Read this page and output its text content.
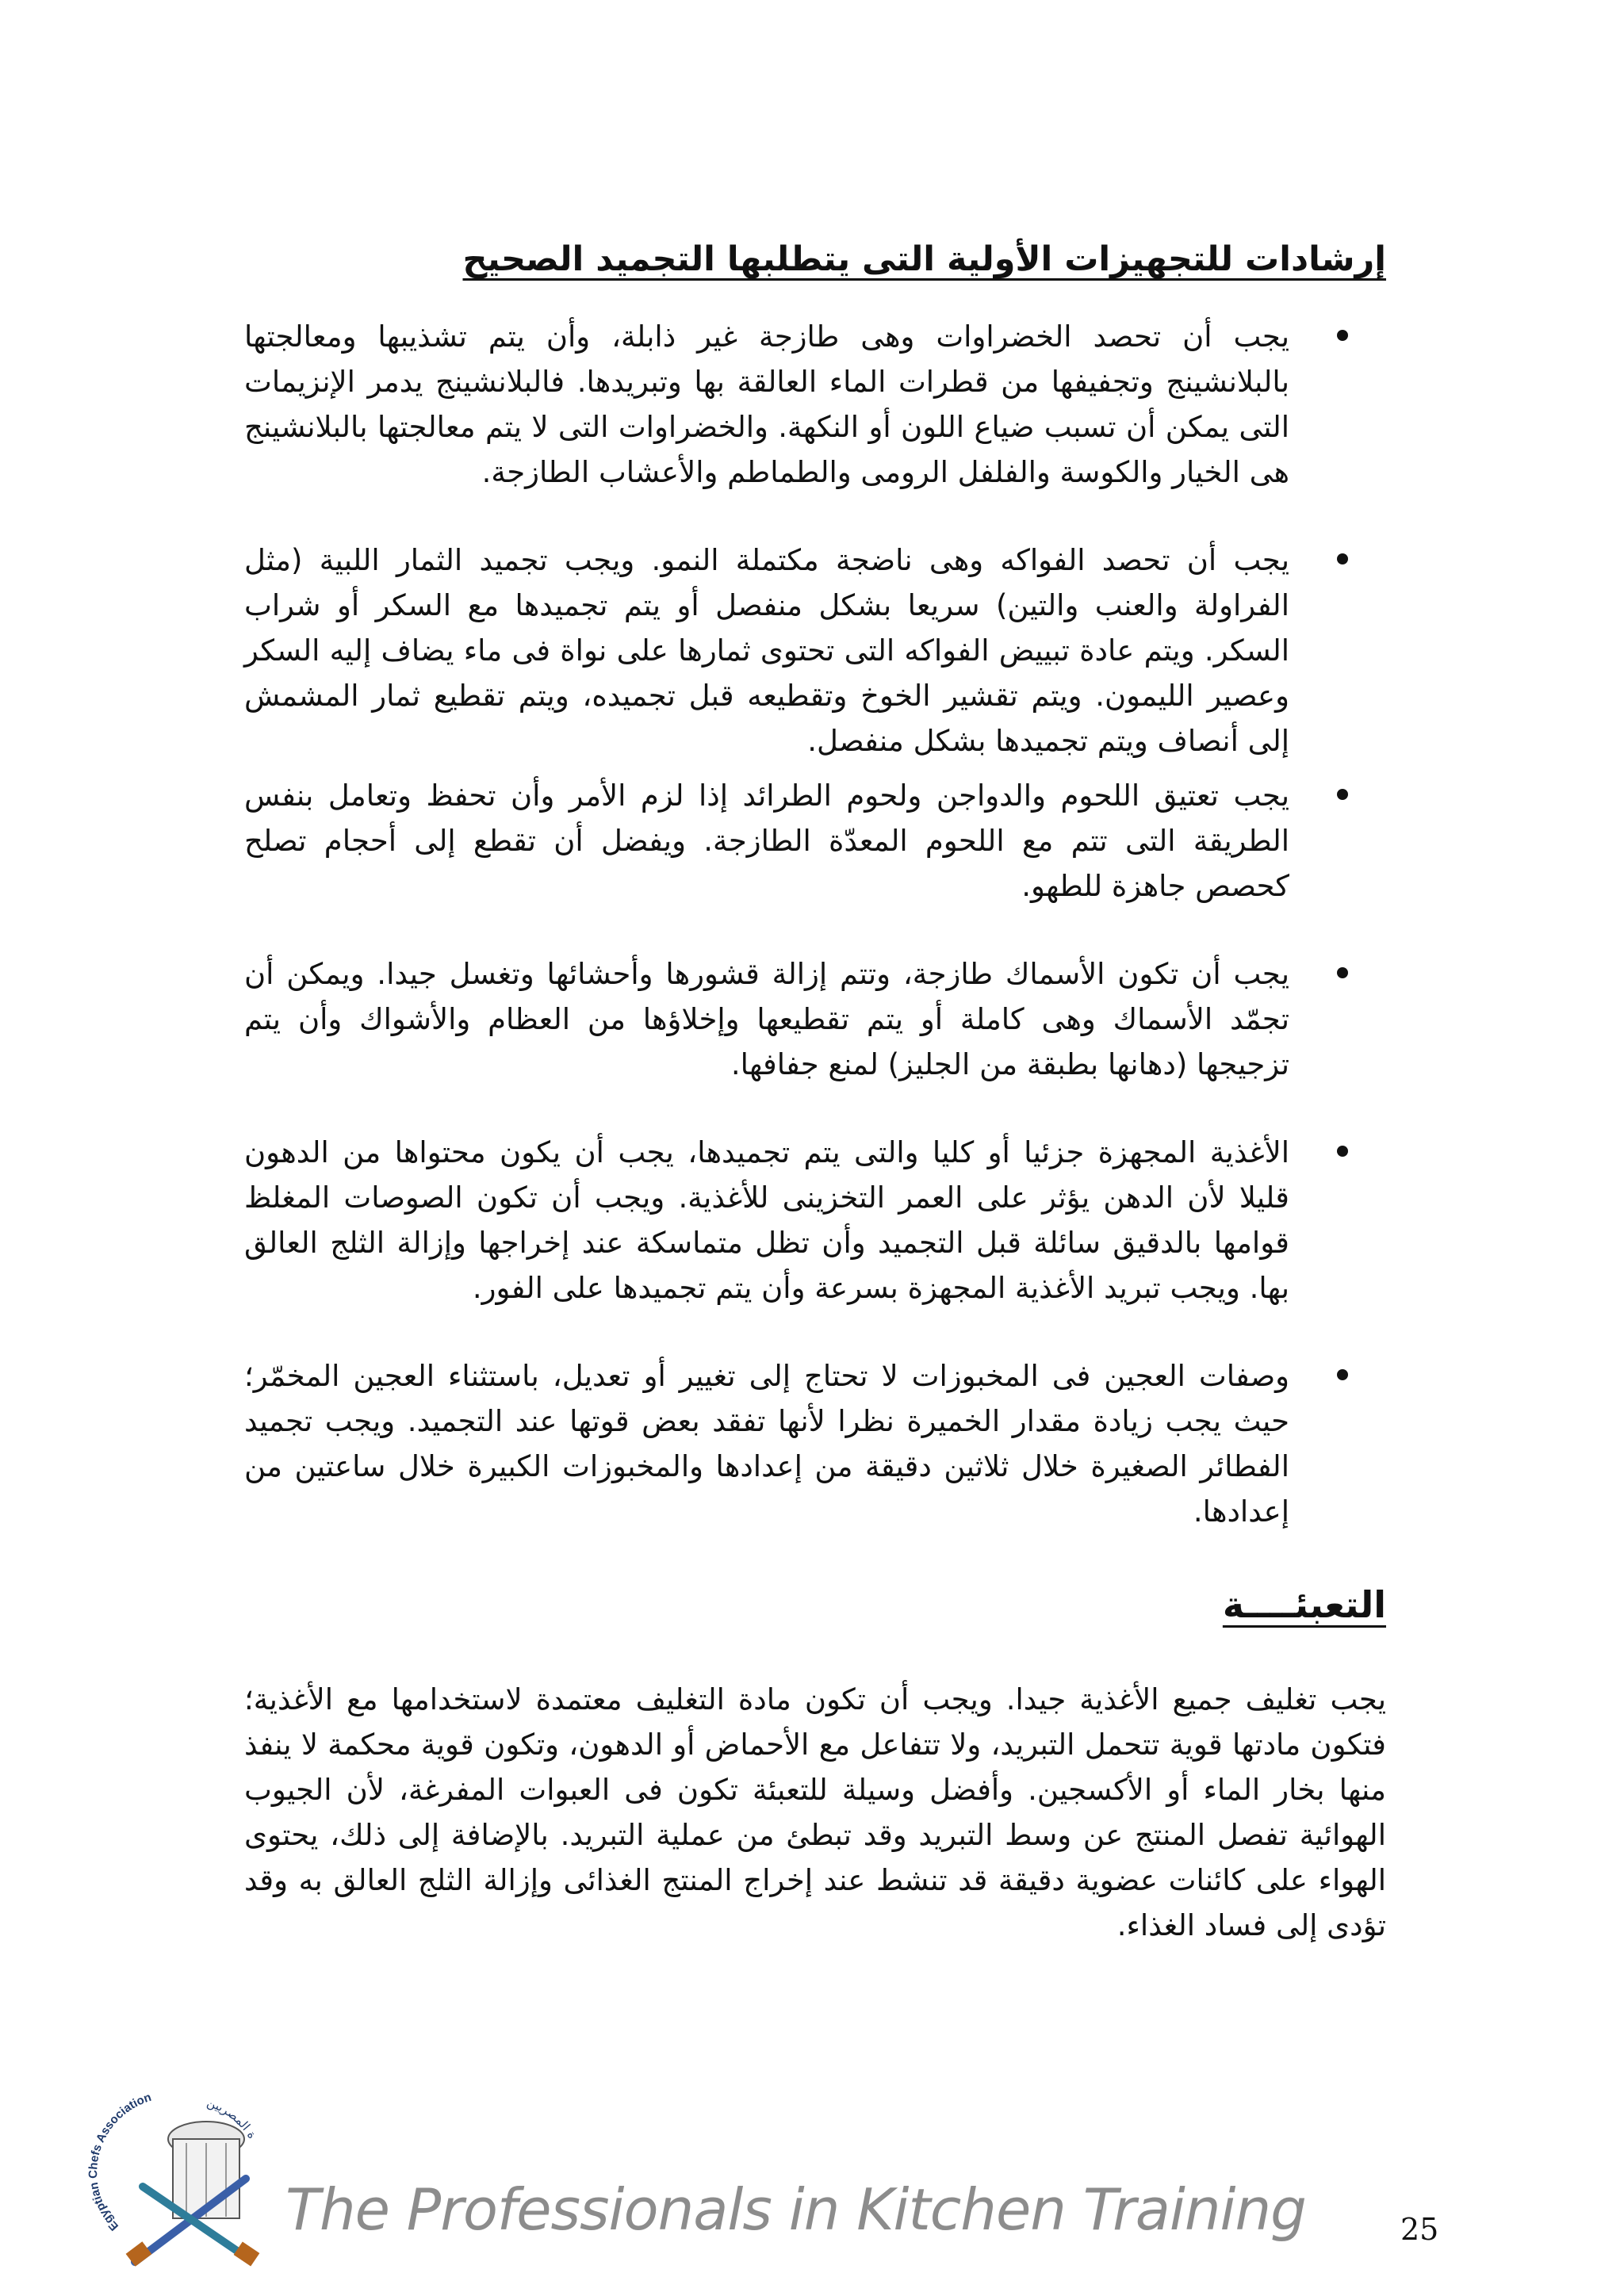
إرشادات للتجهيزات الأولية التى يتطلبها التجميد الصحيح
يجب أن تحصد الخضراوات وهى طازجة غير ذابلة، وأن يتم تشذيبها ومعالجتها بالبلانشينج وتجفيفها من قطرات الماء العالقة بها وتبريدها. فالبلانشينج يدمر الإنزيمات التى يمكن أن تسبب ضياع اللون أو النكهة. والخضراوات التى لا يتم معالجتها بالبلانشينج هى الخيار والكوسة والفلفل الرومى والطماطم والأعشاب الطازجة.
يجب أن تحصد الفواكه وهى ناضجة مكتملة النمو. ويجب تجميد الثمار اللبية (مثل الفراولة والعنب والتين) سريعا بشكل منفصل أو يتم تجميدها مع السكر أو شراب السكر. ويتم عادة تبييض الفواكه التى تحتوى ثمارها على نواة فى ماء يضاف إليه السكر وعصير الليمون. ويتم تقشير الخوخ وتقطيعه قبل تجميده، ويتم تقطيع ثمار المشمش إلى أنصاف ويتم تجميدها بشكل منفصل.
يجب تعتيق اللحوم والدواجن ولحوم الطرائد إذا لزم الأمر وأن تحفظ وتعامل بنفس الطريقة التى تتم مع اللحوم المعدّة الطازجة. ويفضل أن تقطع إلى أحجام تصلح كحصص جاهزة للطهو.
يجب أن تكون الأسماك طازجة، وتتم إزالة قشورها وأحشائها وتغسل جيدا. ويمكن أن تجمّد الأسماك وهى كاملة أو يتم تقطيعها وإخلاؤها من العظام والأشواك وأن يتم تزجيجها (دهانها بطبقة من الجليز) لمنع جفافها.
الأغذية المجهزة جزئيا أو كليا والتى يتم تجميدها، يجب أن يكون محتواها من الدهون قليلا لأن الدهن يؤثر على العمر التخزينى للأغذية. ويجب أن تكون الصوصات المغلظ قوامها بالدقيق سائلة قبل التجميد وأن تظل متماسكة عند إخراجها وإزالة الثلج العالق بها. ويجب تبريد الأغذية المجهزة بسرعة وأن يتم تجميدها على الفور.
وصفات العجين فى المخبوزات لا تحتاج إلى تغيير أو تعديل، باستثناء العجين المخمّر؛ حيث يجب زيادة مقدار الخميرة نظرا لأنها تفقد بعض قوتها عند التجميد. ويجب تجميد الفطائر الصغيرة خلال ثلاثين دقيقة من إعدادها والمخبوزات الكبيرة خلال ساعتين من إعدادها.
التعبئــــة

يجب تغليف جميع الأغذية جيدا. ويجب أن تكون مادة التغليف معتمدة لاستخدامها مع الأغذية؛ فتكون مادتها قوية تتحمل التبريد، ولا تتفاعل مع الأحماض أو الدهون، وتكون قوية محكمة لا ينفذ منها بخار الماء أو الأكسجين. وأفضل وسيلة للتعبئة تكون فى العبوات المفرغة، لأن الجيوب الهوائية تفصل المنتج عن وسط التبريد وقد تبطئ من عملية التبريد. بالإضافة إلى ذلك، يحتوى الهواء على كائنات عضوية دقيقة قد تنشط عند إخراج المنتج الغذائى وإزالة الثلج العالق به وقد تؤدى إلى فساد الغذاء.

Egyptian Chefs Association
ة المصريين
The Professionals in Kitchen Training	25
